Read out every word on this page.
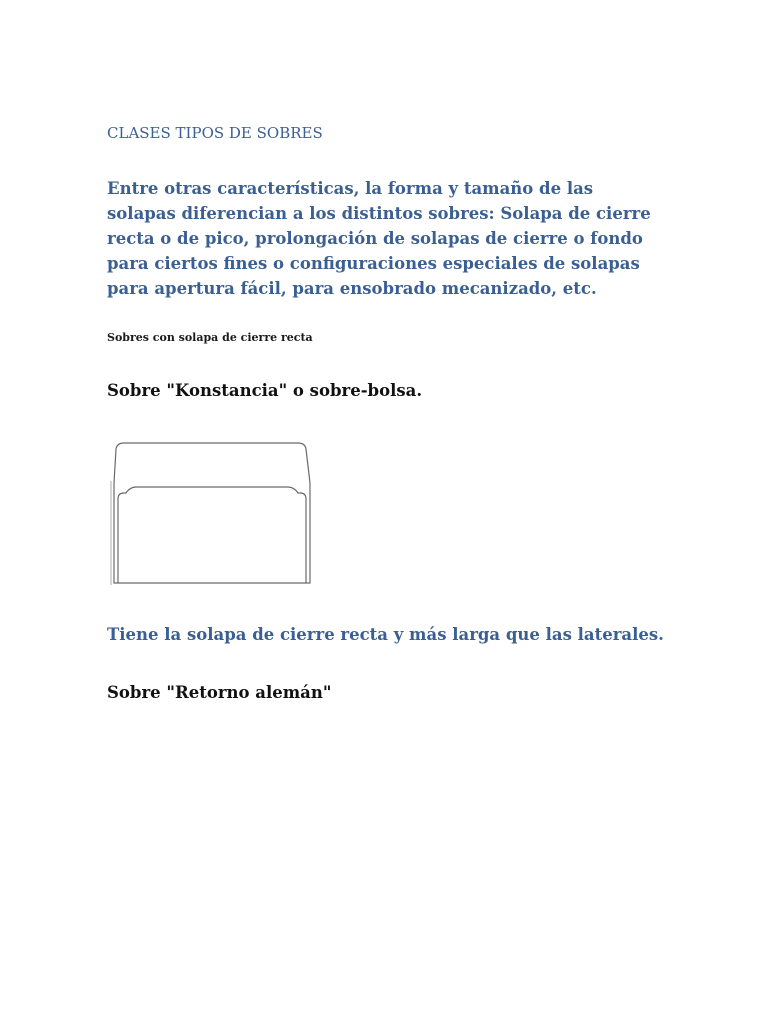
CLASES TIPOS DE SOBRES

Entre otras características, la forma y tamaño de las solapas diferencian a los distintos sobres: Solapa de cierre recta o de pico, prolongación de solapas de cierre o fondo para ciertos fines o configuraciones especiales de solapas para apertura fácil, para ensobrado mecanizado, etc.

Sobres con solapa de cierre recta

Sobre "Konstancia" o sobre-bolsa.

Tiene la solapa de cierre recta y más larga que las laterales.

Sobre "Retorno alemán"
